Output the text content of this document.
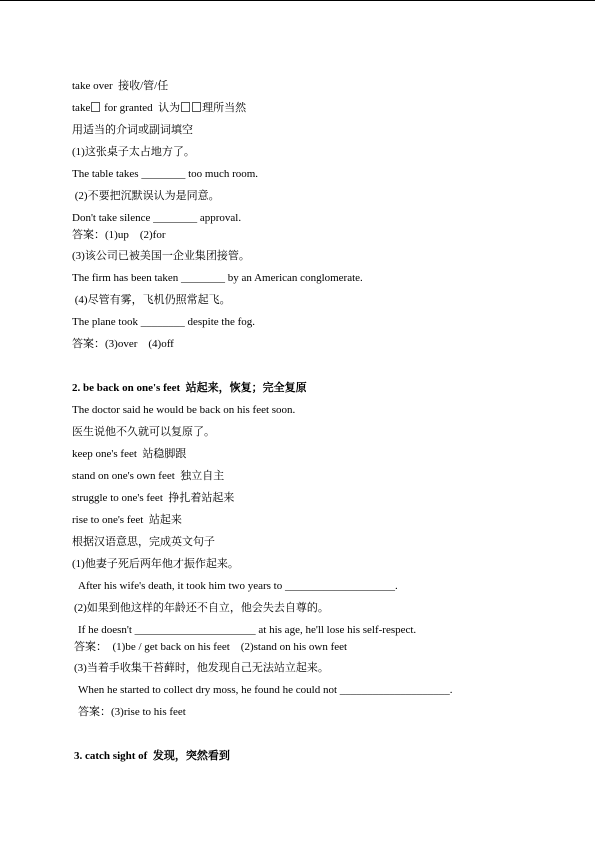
take over  接收/管/任
take for granted  认为 理所当然
用适当的介词或副词填空
(1)这张桌子太占地方了。
The table takes ________ too much room.
(2)不要把沉默误认为是同意。
Don't take silence ________ approval.
答案：(1)up    (2)for
(3)该公司已被美国一企业集团接管。
The firm has been taken ________ by an American conglomerate.
(4)尽管有雾，飞机仍照常起飞。
The plane took ________ despite the fog.
答案：(3)over    (4)off
2. be back on one's feet  站起来，恢复；完全复原
The doctor said he would be back on his feet soon.
医生说他不久就可以复原了。
keep one's feet  站稳脚跟
stand on one's own feet  独立自主
struggle to one's feet  挣扎着站起来
rise to one's feet  站起来
根据汉语意思，完成英文句子
(1)他妻子死后两年他才振作起来。
After his wife's death, it took him two years to ____________________.
(2)如果到他这样的年龄还不自立，他会失去自尊的。
If he doesn't ______________________ at his age, he'll lose his self-respect.
答案：  (1)be / get back on his feet    (2)stand on his own feet
(3)当着手收集干苔藓时，他发现自己无法站立起来。
When he started to collect dry moss, he found he could not ____________________.
答案：(3)rise to his feet
3. catch sight of  发现，突然看到
